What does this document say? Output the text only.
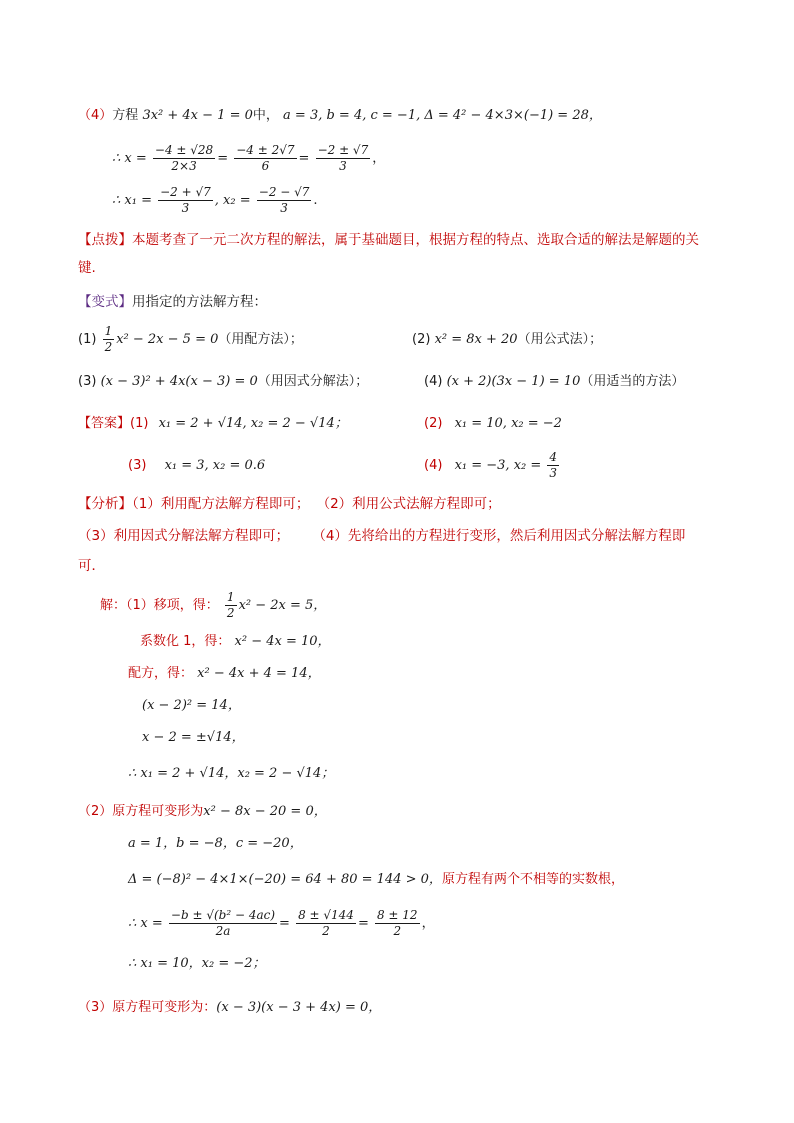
（4）方程 3x² + 4x − 1 = 0中， a = 3, b = 4, c = −1, Δ = 4² − 4×3×(−1) = 28，
∴ $x = \frac{-4 \pm √28}{2\times 3} = \frac{-4 \pm 2√7}{6} = \frac{-2 \pm √7}{3}$ ，
∴ $x_1 = \frac{-2 + √7}{3}$ , $x_2 = \frac{-2 - √7}{3}$ .
【点拨】本题考查了一元二次方程的解法，属于基础题目，根据方程的特点、选取合适的解法是解题的关
键.
【变式】用指定的方法解方程：
$(1) \frac{1}{2} x^2 - 2x - 5 = 0$（用配方法）；	(2) x² = 8x + 20（用公式法）；
(3) (x − 3)² + 4x(x − 3) = 0（用因式分解法）；	(4) (x + 2)(3x − 1) = 10（用适当的方法）
【答案】(1) x₁ = 2 + √14, x₂ = 2 − √14；	(2) x₁ = 10, x₂ = −2
(3) x₁ = 3, x₂ = 0.6	(4) x₁ = −3, $x_2 = \frac{4}{3}$
【分析】（1）利用配方法解方程即可； （2）利用公式法解方程即可；
（3）利用因式分解法解方程即可； （4）先将给出的方程进行变形，然后利用因式分解法解方程即
可．
解：（1）移项，得： $\frac{1}{2} x^2 - 2x = 5$，
系数化 1，得： x² − 4x = 10，
配方，得： x² − 4x + 4 = 14，
(x − 2)² = 14，
x − 2 = ±√14，
∴ x₁ = 2 + √14，x₂ = 2 − √14；
（2）原方程可变形为x² − 8x − 20 = 0，
a = 1，b = −8，c = −20，
Δ = (−8)² − 4×1×(−20) = 64 + 80 = 144 > 0，原方程有两个不相等的实数根，
∴ $x = \frac{\text{−b ± √(b² − 4ac)}}{2a} = \frac{8 \pm √144}{2} = \frac{8 \pm 12}{2}$ ，
∴ x₁ = 10，x₂ = −2；
（3）原方程可变形为：(x − 3)(x − 3 + 4x) = 0，
